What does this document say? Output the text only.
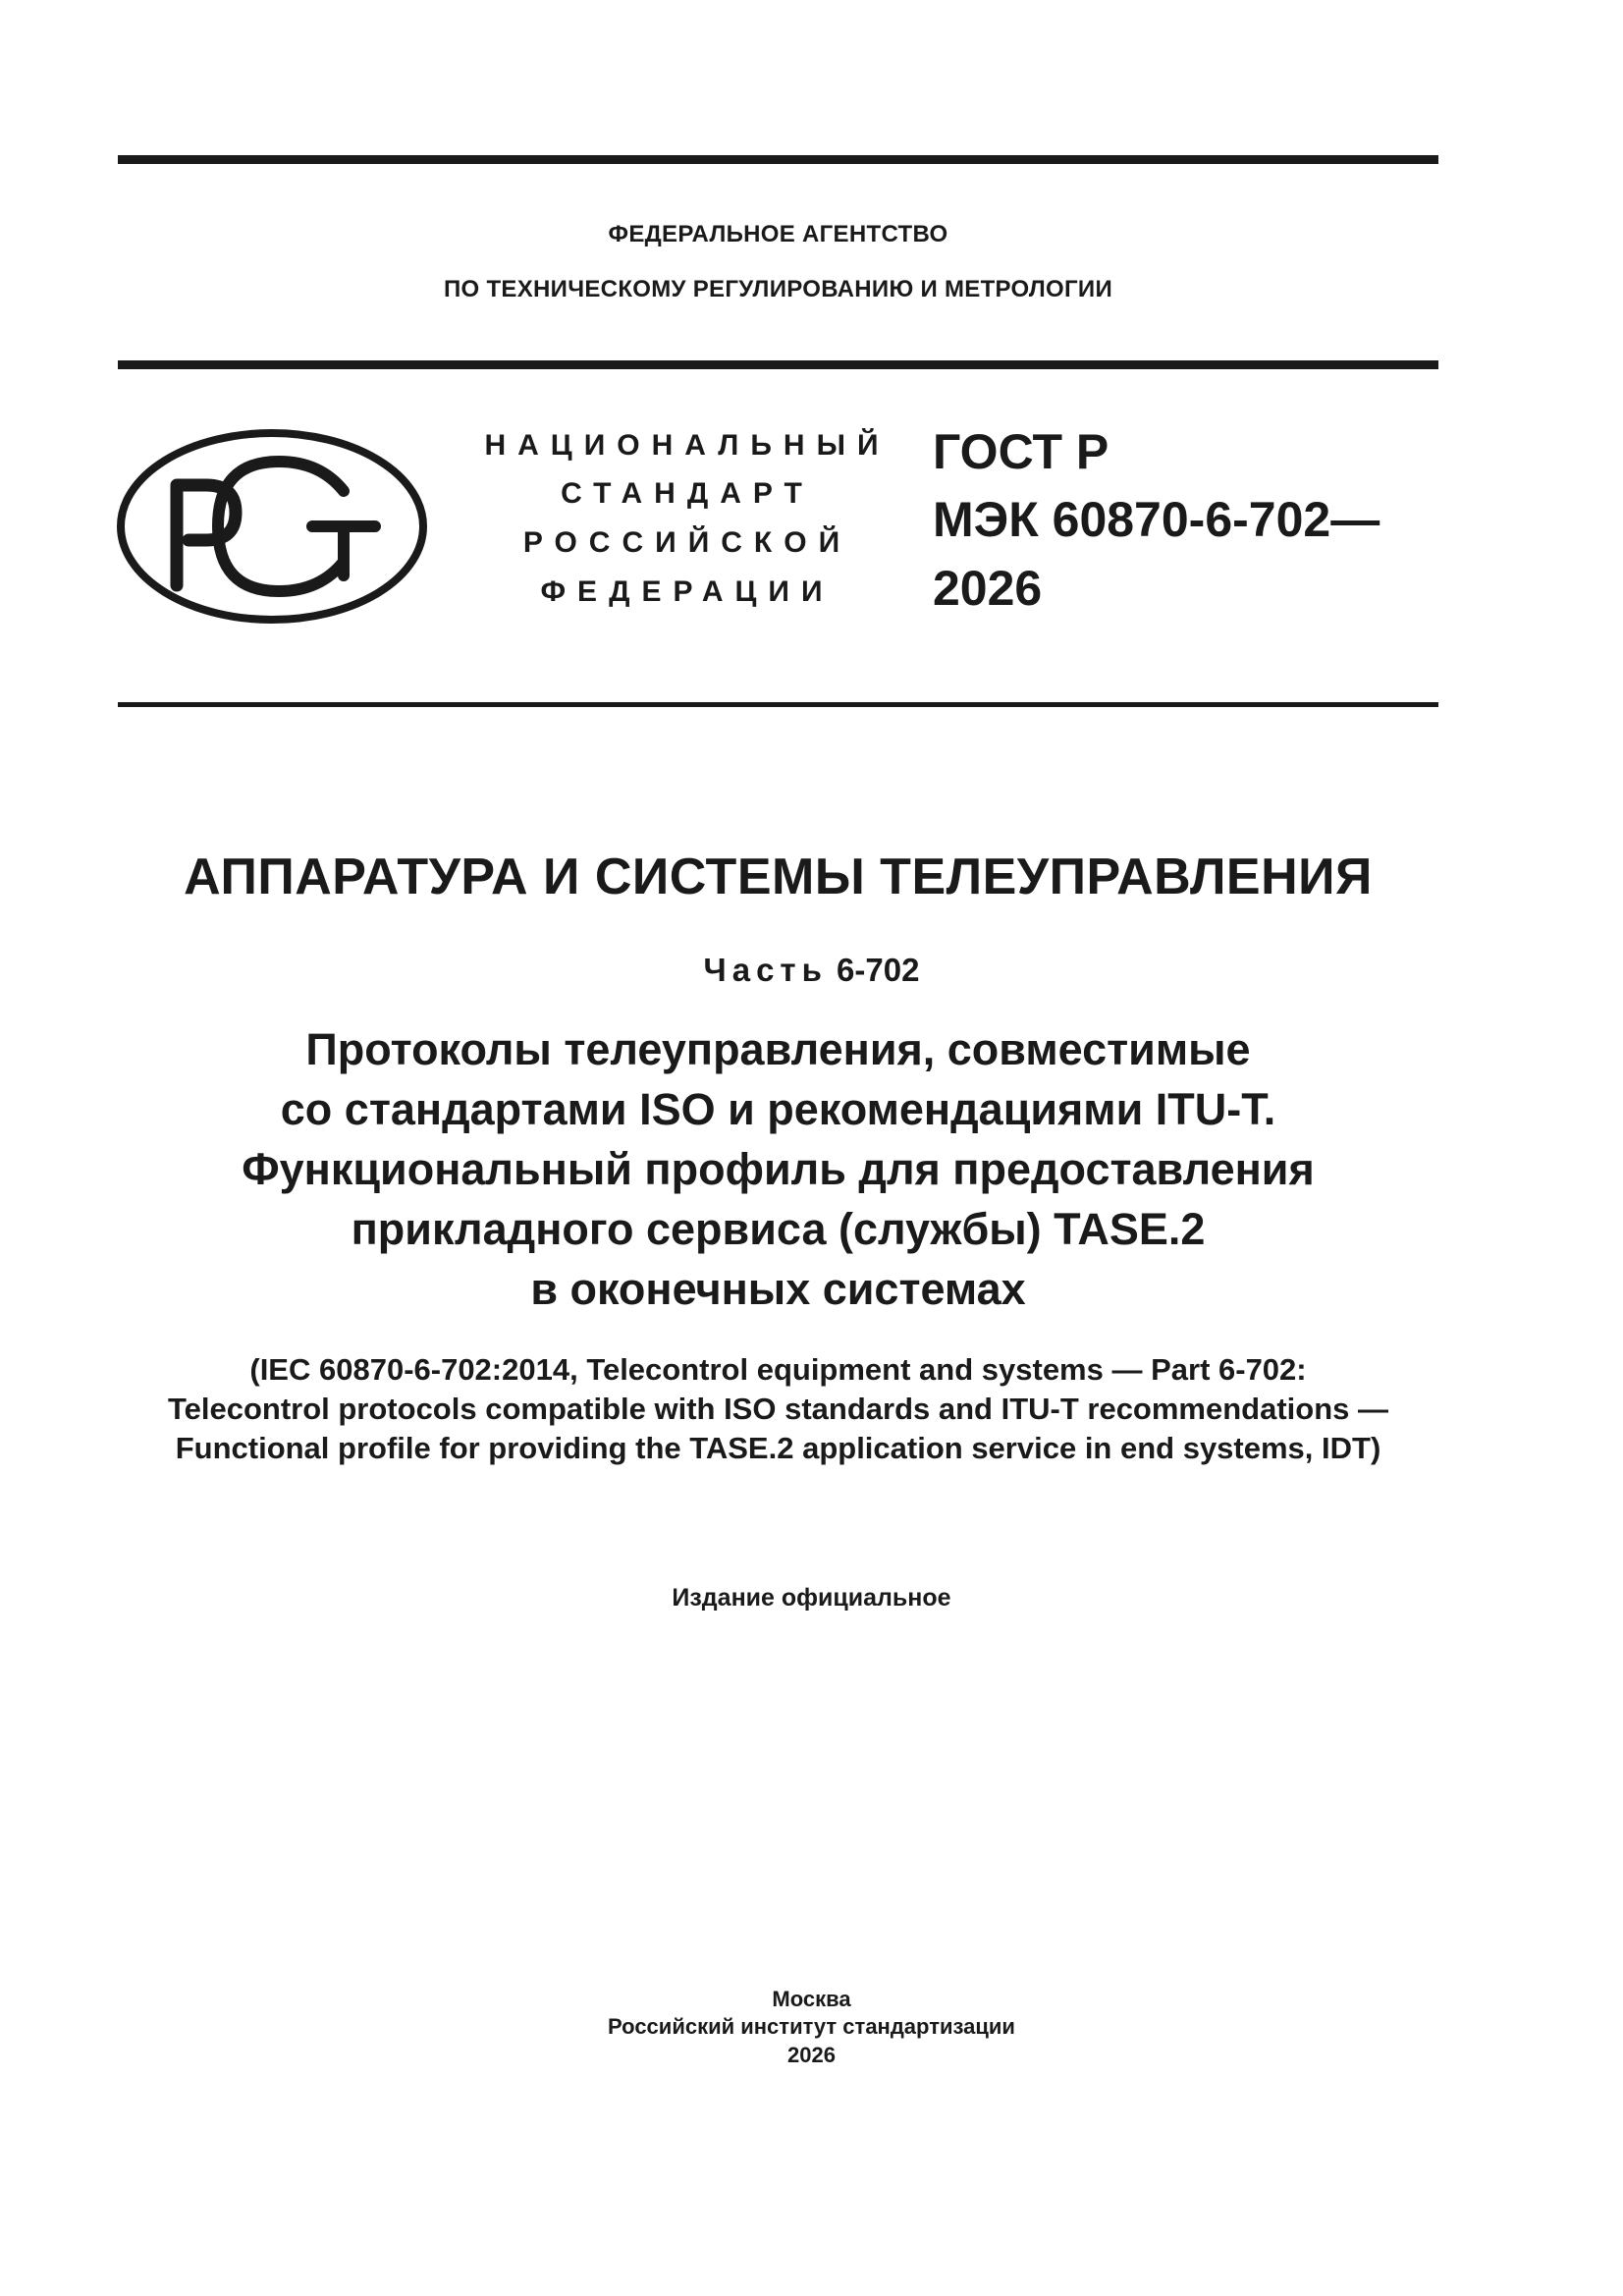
ФЕДЕРАЛЬНОЕ АГЕНТСТВО
ПО ТЕХНИЧЕСКОМУ РЕГУЛИРОВАНИЮ И МЕТРОЛОГИИ
НАЦИОНАЛЬНЫЙ
СТАНДАРТ
РОССИЙСКОЙ
ФЕДЕРАЦИИ
ГОСТ Р
МЭК 60870-6-702—
2026
АППАРАТУРА И СИСТЕМЫ ТЕЛЕУПРАВЛЕНИЯ
Часть 6-702
Протоколы телеуправления, совместимые
со стандартами ISO и рекомендациями ITU-T.
Функциональный профиль для предоставления
прикладного сервиса (службы) TASE.2
в оконечных системах
(IEC 60870-6-702:2014, Telecontrol equipment and systems — Part 6-702:
Telecontrol protocols compatible with ISO standards and ITU-T recommendations —
Functional profile for providing the TASE.2 application service in end systems, IDT)
Издание официальное
Москва
Российский институт стандартизации
2026
